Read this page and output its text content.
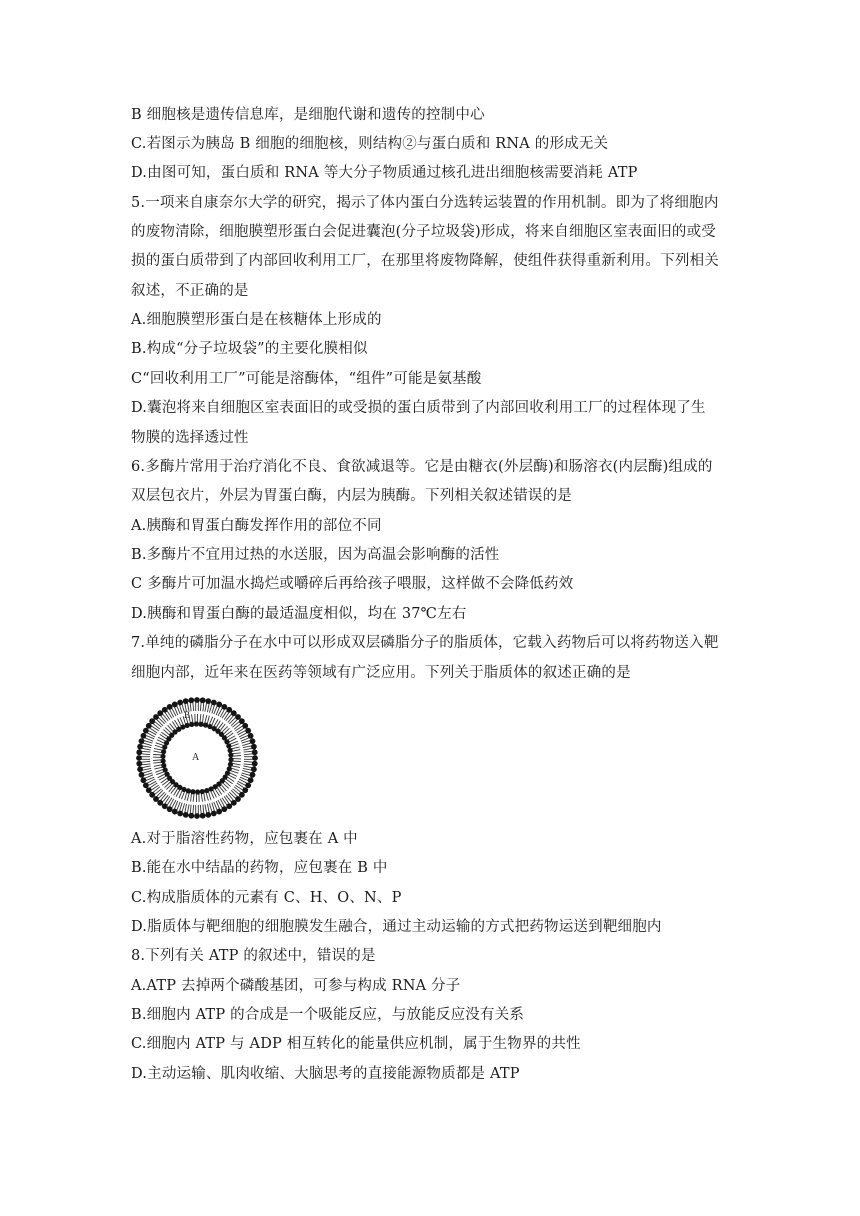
B 细胞核是遗传信息库，是细胞代谢和遗传的控制中心
C.若图示为胰岛 B 细胞的细胞核，则结构②与蛋白质和 RNA 的形成无关
D.由图可知，蛋白质和 RNA 等大分子物质通过核孔进出细胞核需要消耗 ATP
5.一项来自康奈尔大学的研究，揭示了体内蛋白分选转运装置的作用机制。即为了将细胞内
的废物清除，细胞膜塑形蛋白会促进囊泡(分子垃圾袋)形成，将来自细胞区室表面旧的或受
损的蛋白质带到了内部回收利用工厂，在那里将废物降解，使组件获得重新利用。下列相关
叙述，不正确的是
A.细胞膜塑形蛋白是在核糖体上形成的
B.构成“分子垃圾袋”的主要化膜相似
C“回收利用工厂”可能是溶酶体，“组件”可能是氨基酸
D.囊泡将来自细胞区室表面旧的或受损的蛋白质带到了内部回收利用工厂的过程体现了生
物膜的选择透过性
6.多酶片常用于治疗消化不良、食欲减退等。它是由糖衣(外层酶)和肠溶衣(内层酶)组成的
双层包衣片，外层为胃蛋白酶，内层为胰酶。下列相关叙述错误的是
A.胰酶和胃蛋白酶发挥作用的部位不同
B.多酶片不宜用过热的水送服，因为高温会影响酶的活性
C 多酶片可加温水捣烂或嚼碎后再给孩子喂服，这样做不会降低药效
D.胰酶和胃蛋白酶的最适温度相似，均在 37℃左右
7.单纯的磷脂分子在水中可以形成双层磷脂分子的脂质体，它载入药物后可以将药物送入靶
细胞内部，近年来在医药等领域有广泛应用。下列关于脂质体的叙述正确的是
A
B
A.对于脂溶性药物，应包裹在 A 中
B.能在水中结晶的药物，应包裹在 B 中
C.构成脂质体的元素有 C、H、O、N、P
D.脂质体与靶细胞的细胞膜发生融合，通过主动运输的方式把药物运送到靶细胞内
8.下列有关 ATP 的叙述中，错误的是
A.ATP 去掉两个磷酸基团，可参与构成 RNA 分子
B.细胞内 ATP 的合成是一个吸能反应，与放能反应没有关系
C.细胞内 ATP 与 ADP 相互转化的能量供应机制，属于生物界的共性
D.主动运输、肌肉收缩、大脑思考的直接能源物质都是 ATP
